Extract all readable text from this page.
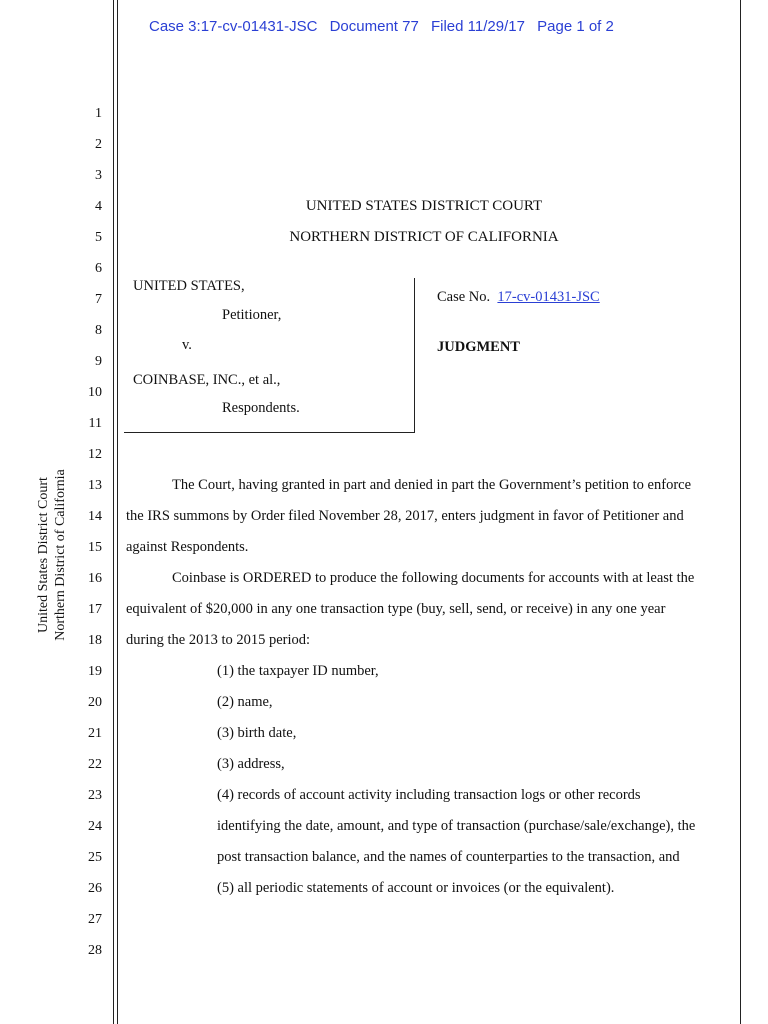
Case 3:17-cv-01431-JSC Document 77 Filed 11/29/17 Page 1 of 2
1
2
3
4
5
6
7
8
9
10
11
12
13
14
15
16
17
18
19
20
21
22
23
24
25
26
27
28
United States District Court Northern District of California
UNITED STATES DISTRICT COURT
NORTHERN DISTRICT OF CALIFORNIA
UNITED STATES,
Petitioner,
v.
COINBASE, INC., et al.,
Respondents.
Case No. 17-cv-01431-JSC
JUDGMENT
The Court, having granted in part and denied in part the Government’s petition to enforce
the IRS summons by Order filed November 28, 2017, enters judgment in favor of Petitioner and
against Respondents.
Coinbase is ORDERED to produce the following documents for accounts with at least the
equivalent of $20,000 in any one transaction type (buy, sell, send, or receive) in any one year
during the 2013 to 2015 period:
(1) the taxpayer ID number,
(2) name,
(3) birth date,
(3) address,
(4) records of account activity including transaction logs or other records
identifying the date, amount, and type of transaction (purchase/sale/exchange), the
post transaction balance, and the names of counterparties to the transaction, and
(5) all periodic statements of account or invoices (or the equivalent).
